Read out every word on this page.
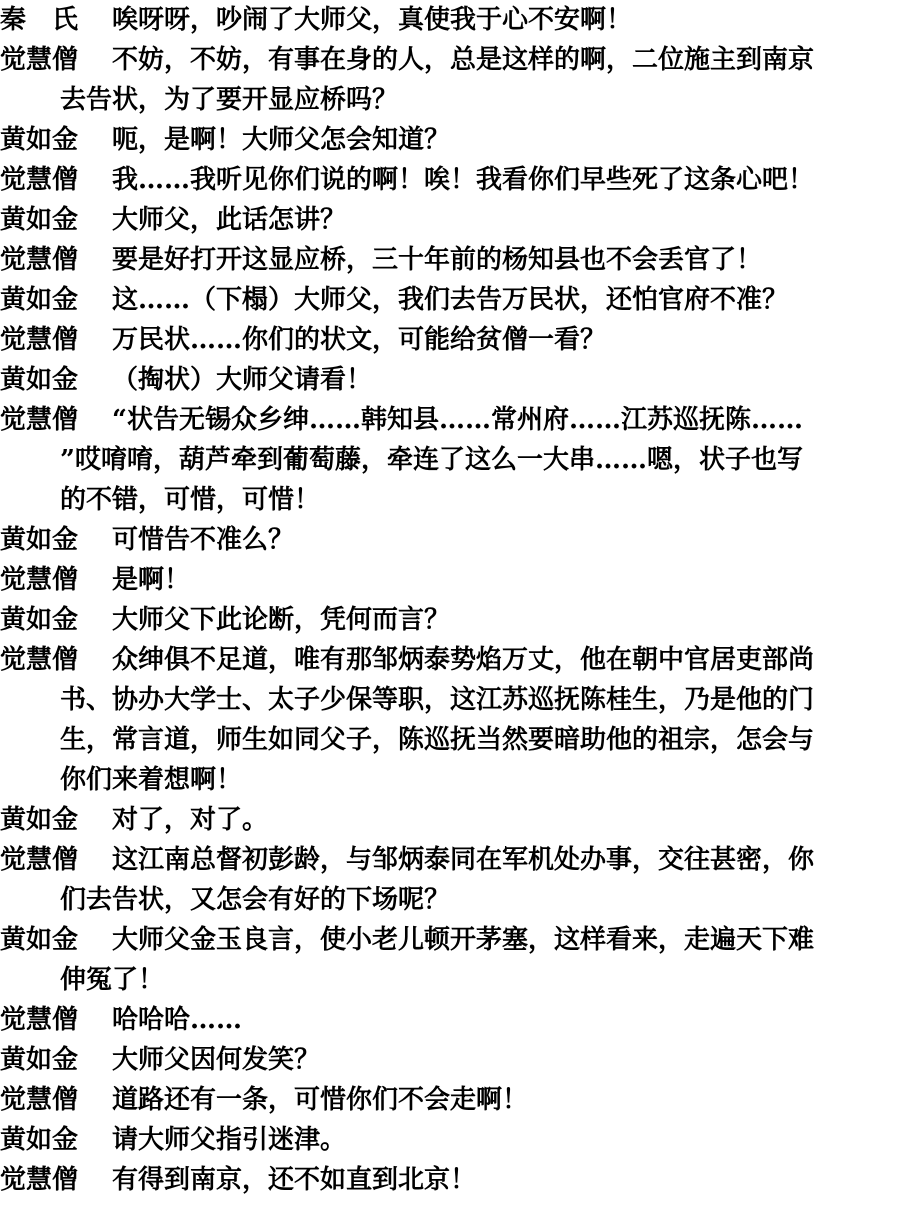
秦　氏	唉呀呀，吵闹了大师父，真使我于心不安啊！
觉慧僧	不妨，不妨，有事在身的人，总是这样的啊，二位施主到南京
去告状，为了要开显应桥吗？
黄如金	呃，是啊！大师父怎会知道？
觉慧僧	我……我听见你们说的啊！唉！我看你们早些死了这条心吧！
黄如金	大师父，此话怎讲？
觉慧僧	要是好打开这显应桥，三十年前的杨知县也不会丢官了！
黄如金	这……（下榻）大师父，我们去告万民状，还怕官府不准？
觉慧僧	万民状……你们的状文，可能给贫僧一看？
黄如金	（掏状）大师父请看！
觉慧僧	“状告无锡众乡绅……韩知县……常州府……江苏巡抚陈……
”哎唷唷，葫芦牵到葡萄藤，牵连了这么一大串……嗯，状子也写
的不错，可惜，可惜！
黄如金	可惜告不准么？
觉慧僧	是啊！
黄如金	大师父下此论断，凭何而言？
觉慧僧	众绅俱不足道，唯有那邹炳泰势焰万丈，他在朝中官居吏部尚
书、协办大学士、太子少保等职，这江苏巡抚陈桂生，乃是他的门
生，常言道，师生如同父子，陈巡抚当然要暗助他的祖宗，怎会与
你们来着想啊！
黄如金	对了，对了。
觉慧僧	这江南总督初彭龄，与邹炳泰同在军机处办事，交往甚密，你
们去告状，又怎会有好的下场呢？
黄如金	大师父金玉良言，使小老儿顿开茅塞，这样看来，走遍天下难
伸冤了！
觉慧僧	哈哈哈……
黄如金	大师父因何发笑？
觉慧僧	道路还有一条，可惜你们不会走啊！
黄如金	请大师父指引迷津。
觉慧僧	有得到南京，还不如直到北京！
